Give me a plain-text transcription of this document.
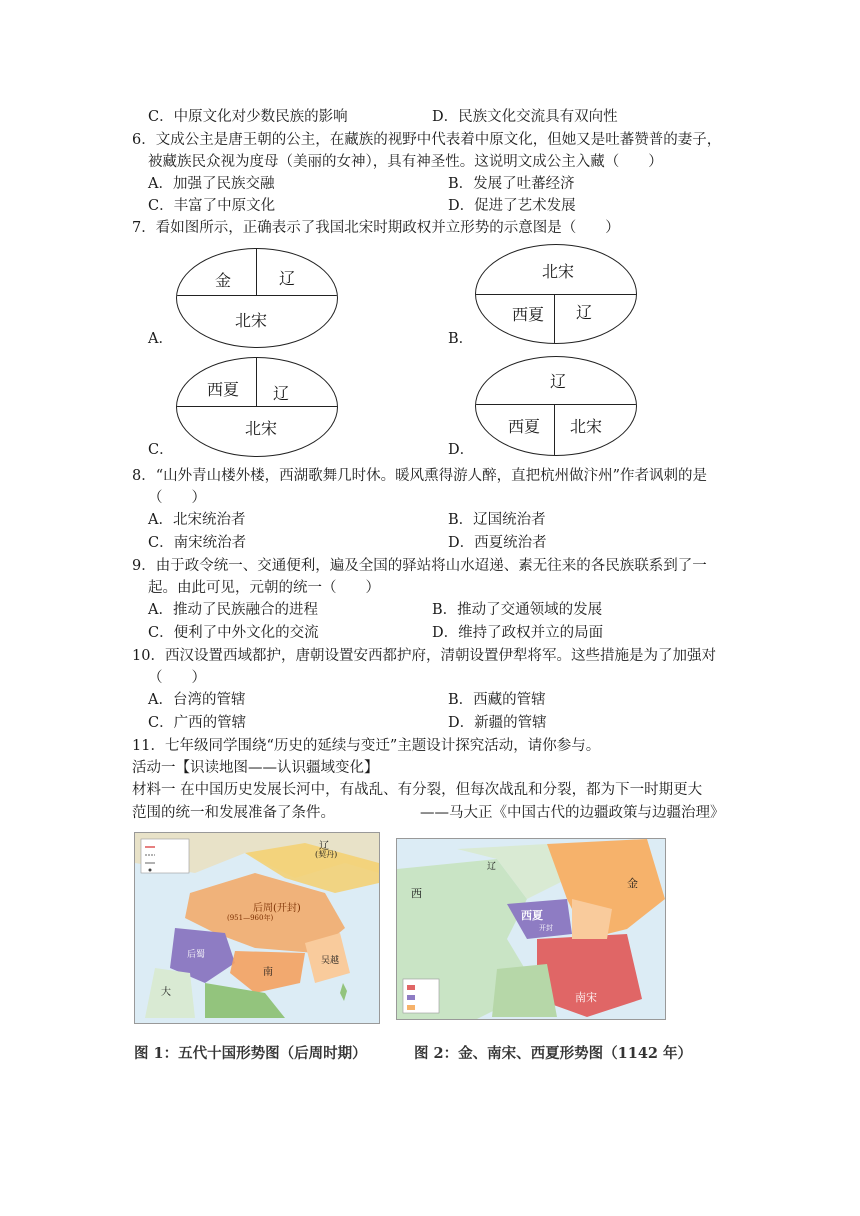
C．中原文化对少数民族的影响	D．民族文化交流具有双向性
6．文成公主是唐王朝的公主，在藏族的视野中代表着中原文化，但她又是吐蕃赞普的妻子，
被藏族民众视为度母（美丽的女神），具有神圣性。这说明文成公主入藏（　　）
A．加强了民族交融	B．发展了吐蕃经济
C．丰富了中原文化	D．促进了艺术发展
7．看如图所示，正确表示了我国北宋时期政权并立形势的示意图是（　　）
A．
金	辽
北宋
B．
北宋
西夏 辽
C．
西夏 辽
北宋
D．
辽
西夏 北宋
8．“山外青山楼外楼，西湖歌舞几时休。暖风熏得游人醉，直把杭州做汴州”作者讽刺的是
（　　）
A．北宋统治者	B．辽国统治者
C．南宋统治者	D．西夏统治者
9．由于政令统一、交通便利，遍及全国的驿站将山水迢递、素无往来的各民族联系到了一
起。由此可见，元朝的统一（　　）
A．推动了民族融合的进程	B．推动了交通领域的发展
C．便利了中外文化的交流	D．维持了政权并立的局面
10．西汉设置西域都护，唐朝设置安西都护府，清朝设置伊犁将军。这些措施是为了加强对
（　　）
A．台湾的管辖	B．西藏的管辖
C．广西的管辖	D．新疆的管辖
11．七年级同学围绕“历史的延续与变迁”主题设计探究活动，请你参与。
活动一【识读地图——认识疆域变化】
材料一 在中国历史发展长河中，有战乱、有分裂，但每次战乱和分裂，都为下一时期更大
范围的统一和发展准备了条件。	——马大正《中国古代的边疆政策与边疆治理》
辽
(契丹)
后周(开封)
(951—960年)
后蜀
南
吴越
大
西夏
开封
金
南宋
西
辽
图 1：五代十国形势图（后周时期）	图 2：金、南宋、西夏形势图（1142 年）
